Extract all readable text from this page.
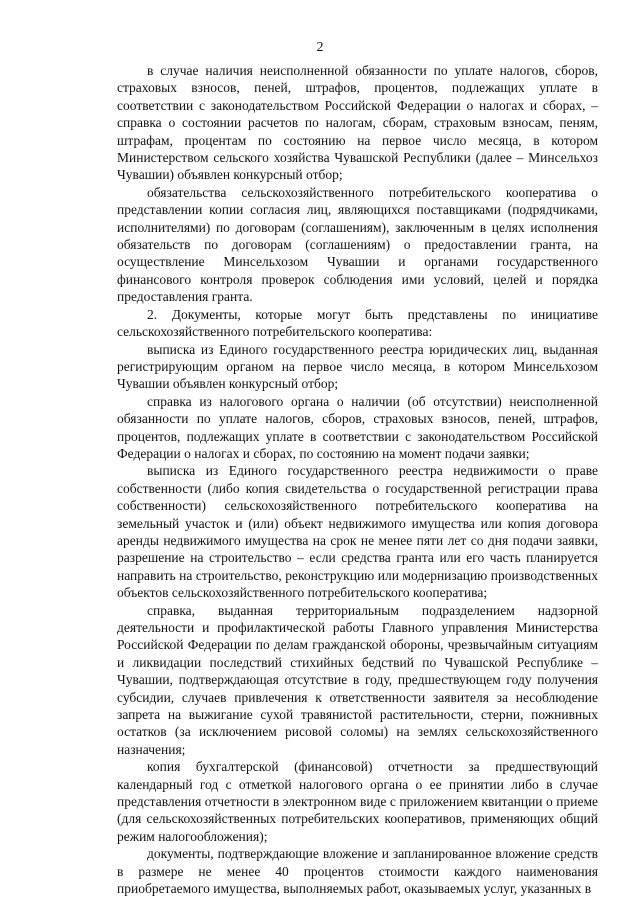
2

в случае наличия неисполненной обязанности по уплате налогов, сборов, страховых взносов, пеней, штрафов, процентов, подлежащих уплате в соответствии с законодательством Российской Федерации о налогах и сборах, – справка о состоянии расчетов по налогам, сборам, страховым взносам, пеням, штрафам, процентам по состоянию на первое число месяца, в котором Министерством сельского хозяйства Чувашской Республики (далее – Минсельхоз Чувашии) объявлен конкурсный отбор;

обязательства сельскохозяйственного потребительского кооператива о представлении копии согласия лиц, являющихся поставщиками (подрядчиками, исполнителями) по договорам (соглашениям), заключенным в целях исполнения обязательств по договорам (соглашениям) о предоставлении гранта, на осуществление Минсельхозом Чувашии и органами государственного финансового контроля проверок соблюдения ими условий, целей и порядка предоставления гранта.

2. Документы, которые могут быть представлены по инициативе сельскохозяйственного потребительского кооператива:

выписка из Единого государственного реестра юридических лиц, выданная регистрирующим органом на первое число месяца, в котором Минсельхозом Чувашии объявлен конкурсный отбор;

справка из налогового органа о наличии (об отсутствии) неисполненной обязанности по уплате налогов, сборов, страховых взносов, пеней, штрафов, процентов, подлежащих уплате в соответствии с законодательством Российской Федерации о налогах и сборах, по состоянию на момент подачи заявки;

выписка из Единого государственного реестра недвижимости о праве собственности (либо копия свидетельства о государственной регистрации права собственности) сельскохозяйственного потребительского кооператива на земельный участок и (или) объект недвижимого имущества или копия договора аренды недвижимого имущества на срок не менее пяти лет со дня подачи заявки, разрешение на строительство – если средства гранта или его часть планируется направить на строительство, реконструкцию или модернизацию производственных объектов сельскохозяйственного потребительского кооператива;

справка, выданная территориальным подразделением надзорной деятельности и профилактической работы Главного управления Министерства Российской Федерации по делам гражданской обороны, чрезвычайным ситуациям и ликвидации последствий стихийных бедствий по Чувашской Республике – Чувашии, подтверждающая отсутствие в году, предшествующем году получения субсидии, случаев привлечения к ответственности заявителя за несоблюдение запрета на выжигание сухой травянистой растительности, стерни, пожнивных остатков (за исключением рисовой соломы) на землях сельскохозяйственного назначения;

копия бухгалтерской (финансовой) отчетности за предшествующий календарный год с отметкой налогового органа о ее принятии либо в случае представления отчетности в электронном виде с приложением квитанции о приеме (для сельскохозяйственных потребительских кооперативов, применяющих общий режим налогообложения);

документы, подтверждающие вложение и запланированное вложение средств в размере не менее 40 процентов стоимости каждого наименования приобретаемого имущества, выполняемых работ, оказываемых услуг, указанных в
